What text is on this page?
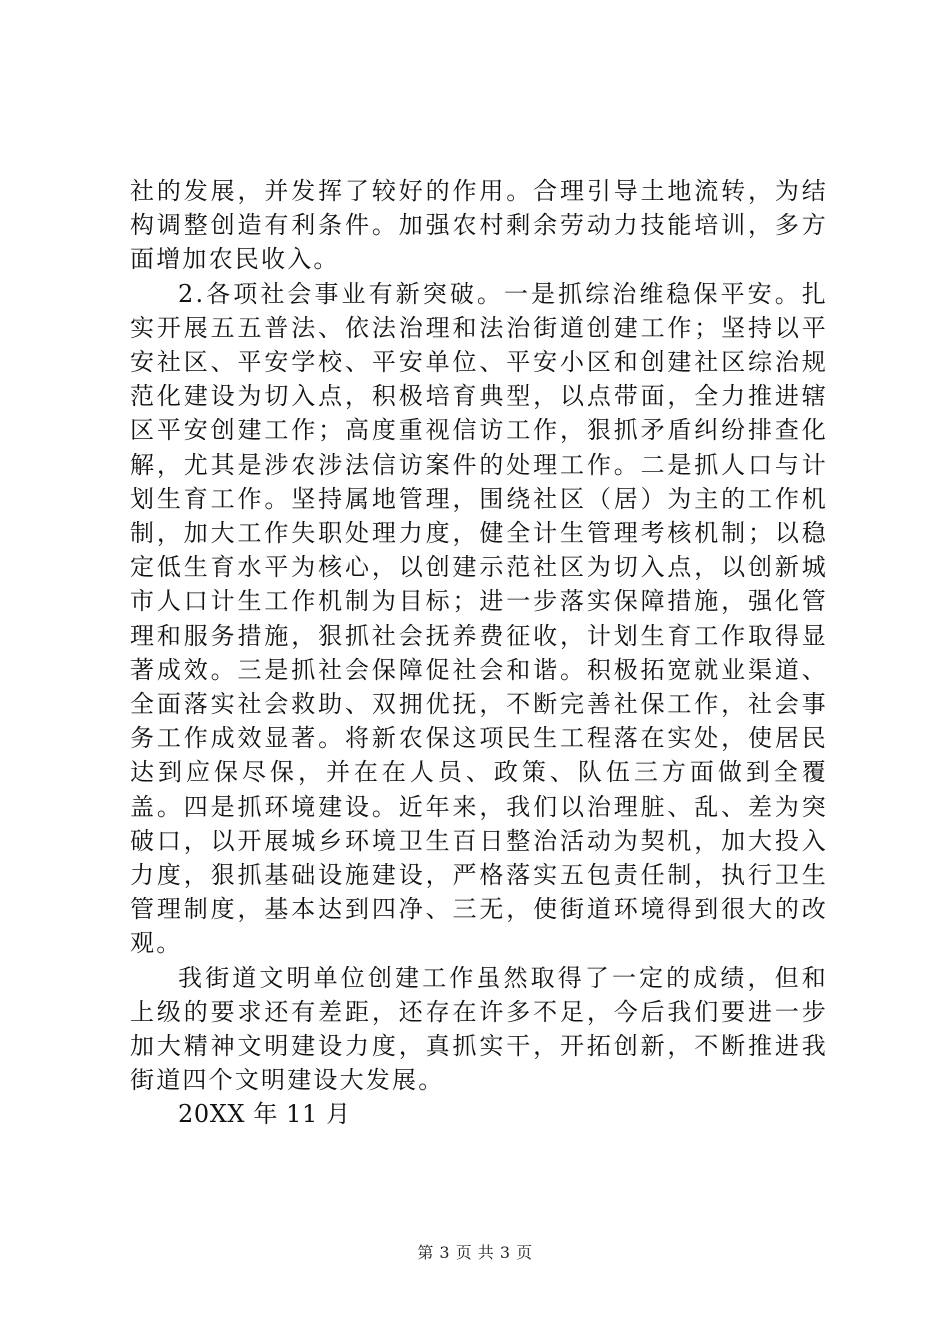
社的发展，并发挥了较好的作用。合理引导土地流转，为结构调整创造有利条件。加强农村剩余劳动力技能培训，多方面增加农民收入。

2.各项社会事业有新突破。一是抓综治维稳保平安。扎实开展五五普法、依法治理和法治街道创建工作；坚持以平安社区、平安学校、平安单位、平安小区和创建社区综治规范化建设为切入点，积极培育典型，以点带面，全力推进辖区平安创建工作；高度重视信访工作，狠抓矛盾纠纷排查化解，尤其是涉农涉法信访案件的处理工作。二是抓人口与计划生育工作。坚持属地管理，围绕社区（居）为主的工作机制，加大工作失职处理力度，健全计生管理考核机制；以稳定低生育水平为核心，以创建示范社区为切入点，以创新城市人口计生工作机制为目标；进一步落实保障措施，强化管理和服务措施，狠抓社会抚养费征收，计划生育工作取得显著成效。三是抓社会保障促社会和谐。积极拓宽就业渠道、全面落实社会救助、双拥优抚，不断完善社保工作，社会事务工作成效显著。将新农保这项民生工程落在实处，使居民达到应保尽保，并在在人员、政策、队伍三方面做到全覆盖。四是抓环境建设。近年来，我们以治理脏、乱、差为突破口，以开展城乡环境卫生百日整治活动为契机，加大投入力度，狠抓基础设施建设，严格落实五包责任制，执行卫生管理制度，基本达到四净、三无，使街道环境得到很大的改观。

我街道文明单位创建工作虽然取得了一定的成绩，但和上级的要求还有差距，还存在许多不足，今后我们要进一步加大精神文明建设力度，真抓实干，开拓创新，不断推进我街道四个文明建设大发展。

20XX 年 11 月

第 3 页 共 3 页
